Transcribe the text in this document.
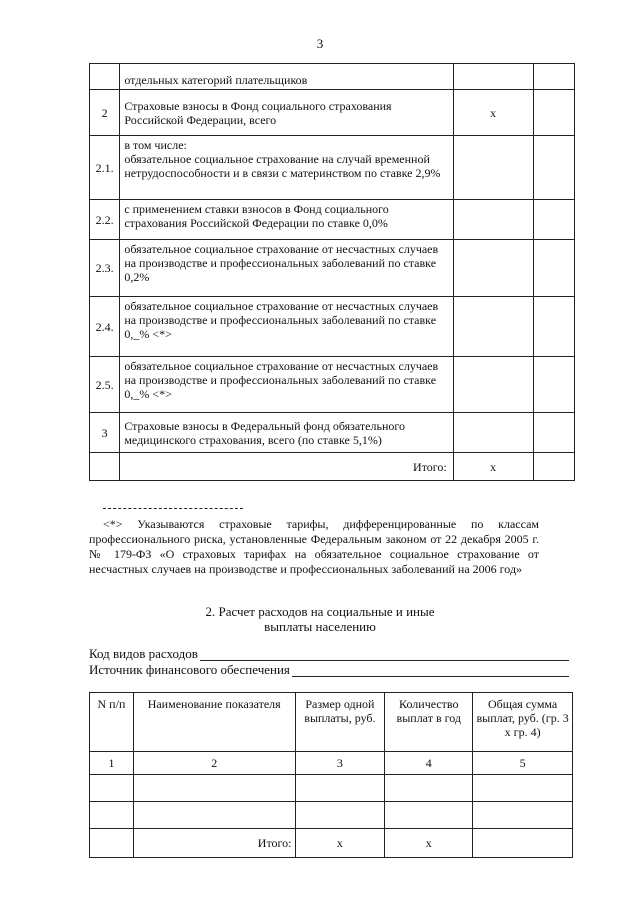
3
	отдельных категорий плательщиков		
2	Страховые взносы в Фонд социального страхования Российской Федерации, всего	x	
2.1.	в том числе:
обязательное социальное страхование на случай временной нетрудоспособности и в связи с материнством по ставке 2,9%		
2.2.	с применением ставки взносов в Фонд социального страхования Российской Федерации по ставке 0,0%		
2.3.	обязательное социальное страхование от несчастных случаев на производстве и профессиональных заболеваний по ставке 0,2%		
2.4.	обязательное социальное страхование от несчастных случаев на производстве и профессиональных заболеваний по ставке 0,_% <*>		
2.5.	обязательное социальное страхование от несчастных случаев на производстве и профессиональных заболеваний по ставке 0,_% <*>		
3	Страховые взносы в Федеральный фонд обязательного медицинского страхования, всего (по ставке 5,1%)		
	Итого:	x	

<*> Указываются страховые тарифы, дифференцированные по классам профессионального риска, установленные Федеральным законом от 22 декабря 2005 г. № 179-ФЗ «О страховых тарифах на обязательное социальное страхование от несчастных случаев на производстве и профессиональных заболеваний на 2006 год»

2. Расчет расходов на социальные и иные
выплаты населению
Код видов расходов
Источник финансового обеспечения
N п/п	Наименование показателя	Размер одной выплаты, руб.	Количество выплат в год	Общая сумма выплат, руб. (гр. 3 x гр. 4)
1	2	3	4	5

	Итого:	x	x	
